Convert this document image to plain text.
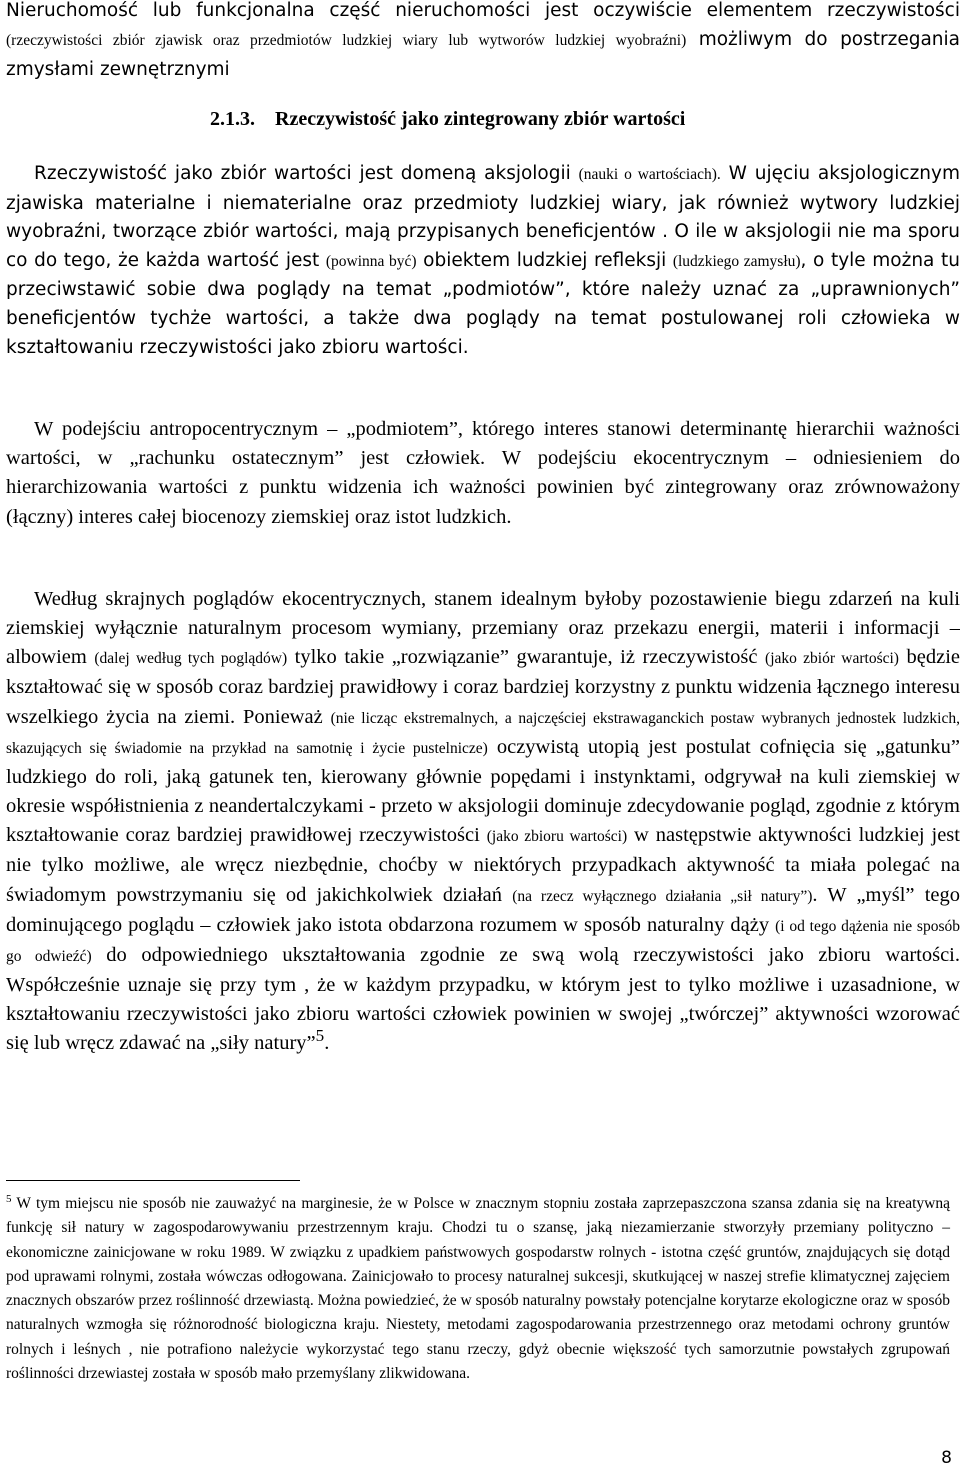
Nieruchomość lub funkcjonalna część nieruchomości jest oczywiście elementem rzeczywistości (rzeczywistości zbiór zjawisk oraz przedmiotów ludzkiej wiary lub wytworów ludzkiej wyobraźni) możliwym do postrzegania zmysłami zewnętrznymi

2.1.3. Rzeczywistość jako zintegrowany zbiór wartości

Rzeczywistość jako zbiór wartości jest domeną aksjologii (nauki o wartościach). W ujęciu aksjologicznym zjawiska materialne i niematerialne oraz przedmioty ludzkiej wiary, jak również wytwory ludzkiej wyobraźni, tworzące zbiór wartości, mają przypisanych beneficjentów . O ile w aksjologii nie ma sporu co do tego, że każda wartość jest (powinna być) obiektem ludzkiej refleksji (ludzkiego zamysłu), o tyle można tu przeciwstawić sobie dwa poglądy na temat „podmiotów”, które należy uznać za „uprawnionych” beneficjentów tychże wartości, a także dwa poglądy na temat postulowanej roli człowieka w kształtowaniu rzeczywistości jako zbioru wartości.

W podejściu antropocentrycznym – „podmiotem”, którego interes stanowi determinantę hierarchii ważności wartości, w „rachunku ostatecznym” jest człowiek. W podejściu ekocentrycznym – odniesieniem do hierarchizowania wartości z punktu widzenia ich ważności powinien być zintegrowany oraz zrównoważony (łączny) interes całej biocenozy ziemskiej oraz istot ludzkich.

Według skrajnych poglądów ekocentrycznych, stanem idealnym byłoby pozostawienie biegu zdarzeń na kuli ziemskiej wyłącznie naturalnym procesom wymiany, przemiany oraz przekazu energii, materii i informacji – albowiem (dalej według tych poglądów) tylko takie „rozwiązanie” gwarantuje, iż rzeczywistość (jako zbiór wartości) będzie kształtować się w sposób coraz bardziej prawidłowy i coraz bardziej korzystny z punktu widzenia łącznego interesu wszelkiego życia na ziemi. Ponieważ (nie licząc ekstremalnych, a najczęściej ekstrawaganckich postaw wybranych jednostek ludzkich, skazujących się świadomie na przykład na samotnię i życie pustelnicze) oczywistą utopią jest postulat cofnięcia się „gatunku” ludzkiego do roli, jaką gatunek ten, kierowany głównie popędami i instynktami, odgrywał na kuli ziemskiej w okresie współistnienia z neandertalczykami - przeto w aksjologii dominuje zdecydowanie pogląd, zgodnie z którym kształtowanie coraz bardziej prawidłowej rzeczywistości (jako zbioru wartości) w następstwie aktywności ludzkiej jest nie tylko możliwe, ale wręcz niezbędnie, choćby w niektórych przypadkach aktywność ta miała polegać na świadomym powstrzymaniu się od jakichkolwiek działań (na rzecz wyłącznego działania „sił natury”). W „myśl” tego dominującego poglądu – człowiek jako istota obdarzona rozumem w sposób naturalny dąży (i od tego dążenia nie sposób go odwieźć) do odpowiedniego ukształtowania zgodnie ze swą wolą rzeczywistości jako zbioru wartości. Współcześnie uznaje się przy tym , że w każdym przypadku, w którym jest to tylko możliwe i uzasadnione, w kształtowaniu rzeczywistości jako zbioru wartości człowiek powinien w swojej „twórczej” aktywności wzorować się lub wręcz zdawać na „siły natury”$^5$.

$^5$ W tym miejscu nie sposób nie zauważyć na marginesie, że w Polsce w znacznym stopniu została zaprzepaszczona szansa zdania się na kreatywną funkcję sił natury w zagospodarowywaniu przestrzennym kraju. Chodzi tu o szansę, jaką niezamierzanie stworzyły przemiany polityczno – ekonomiczne zainicjowane w roku 1989. W związku z upadkiem państwowych gospodarstw rolnych - istotna część gruntów, znajdujących się dotąd pod uprawami rolnymi, została wówczas odłogowana. Zainicjowało to procesy naturalnej sukcesji, skutkującej w naszej strefie klimatycznej zajęciem znacznych obszarów przez roślinność drzewiastą. Można powiedzieć, że w sposób naturalny powstały potencjalne korytarze ekologiczne oraz w sposób naturalnych wzmogła się różnorodność biologiczna kraju. Niestety, metodami zagospodarowania przestrzennego oraz metodami ochrony gruntów rolnych i leśnych , nie potrafiono należycie wykorzystać tego stanu rzeczy, gdyż obecnie większość tych samorzutnie powstałych zgrupowań roślinności drzewiastej została w sposób mało przemyślany zlikwidowana.

8
